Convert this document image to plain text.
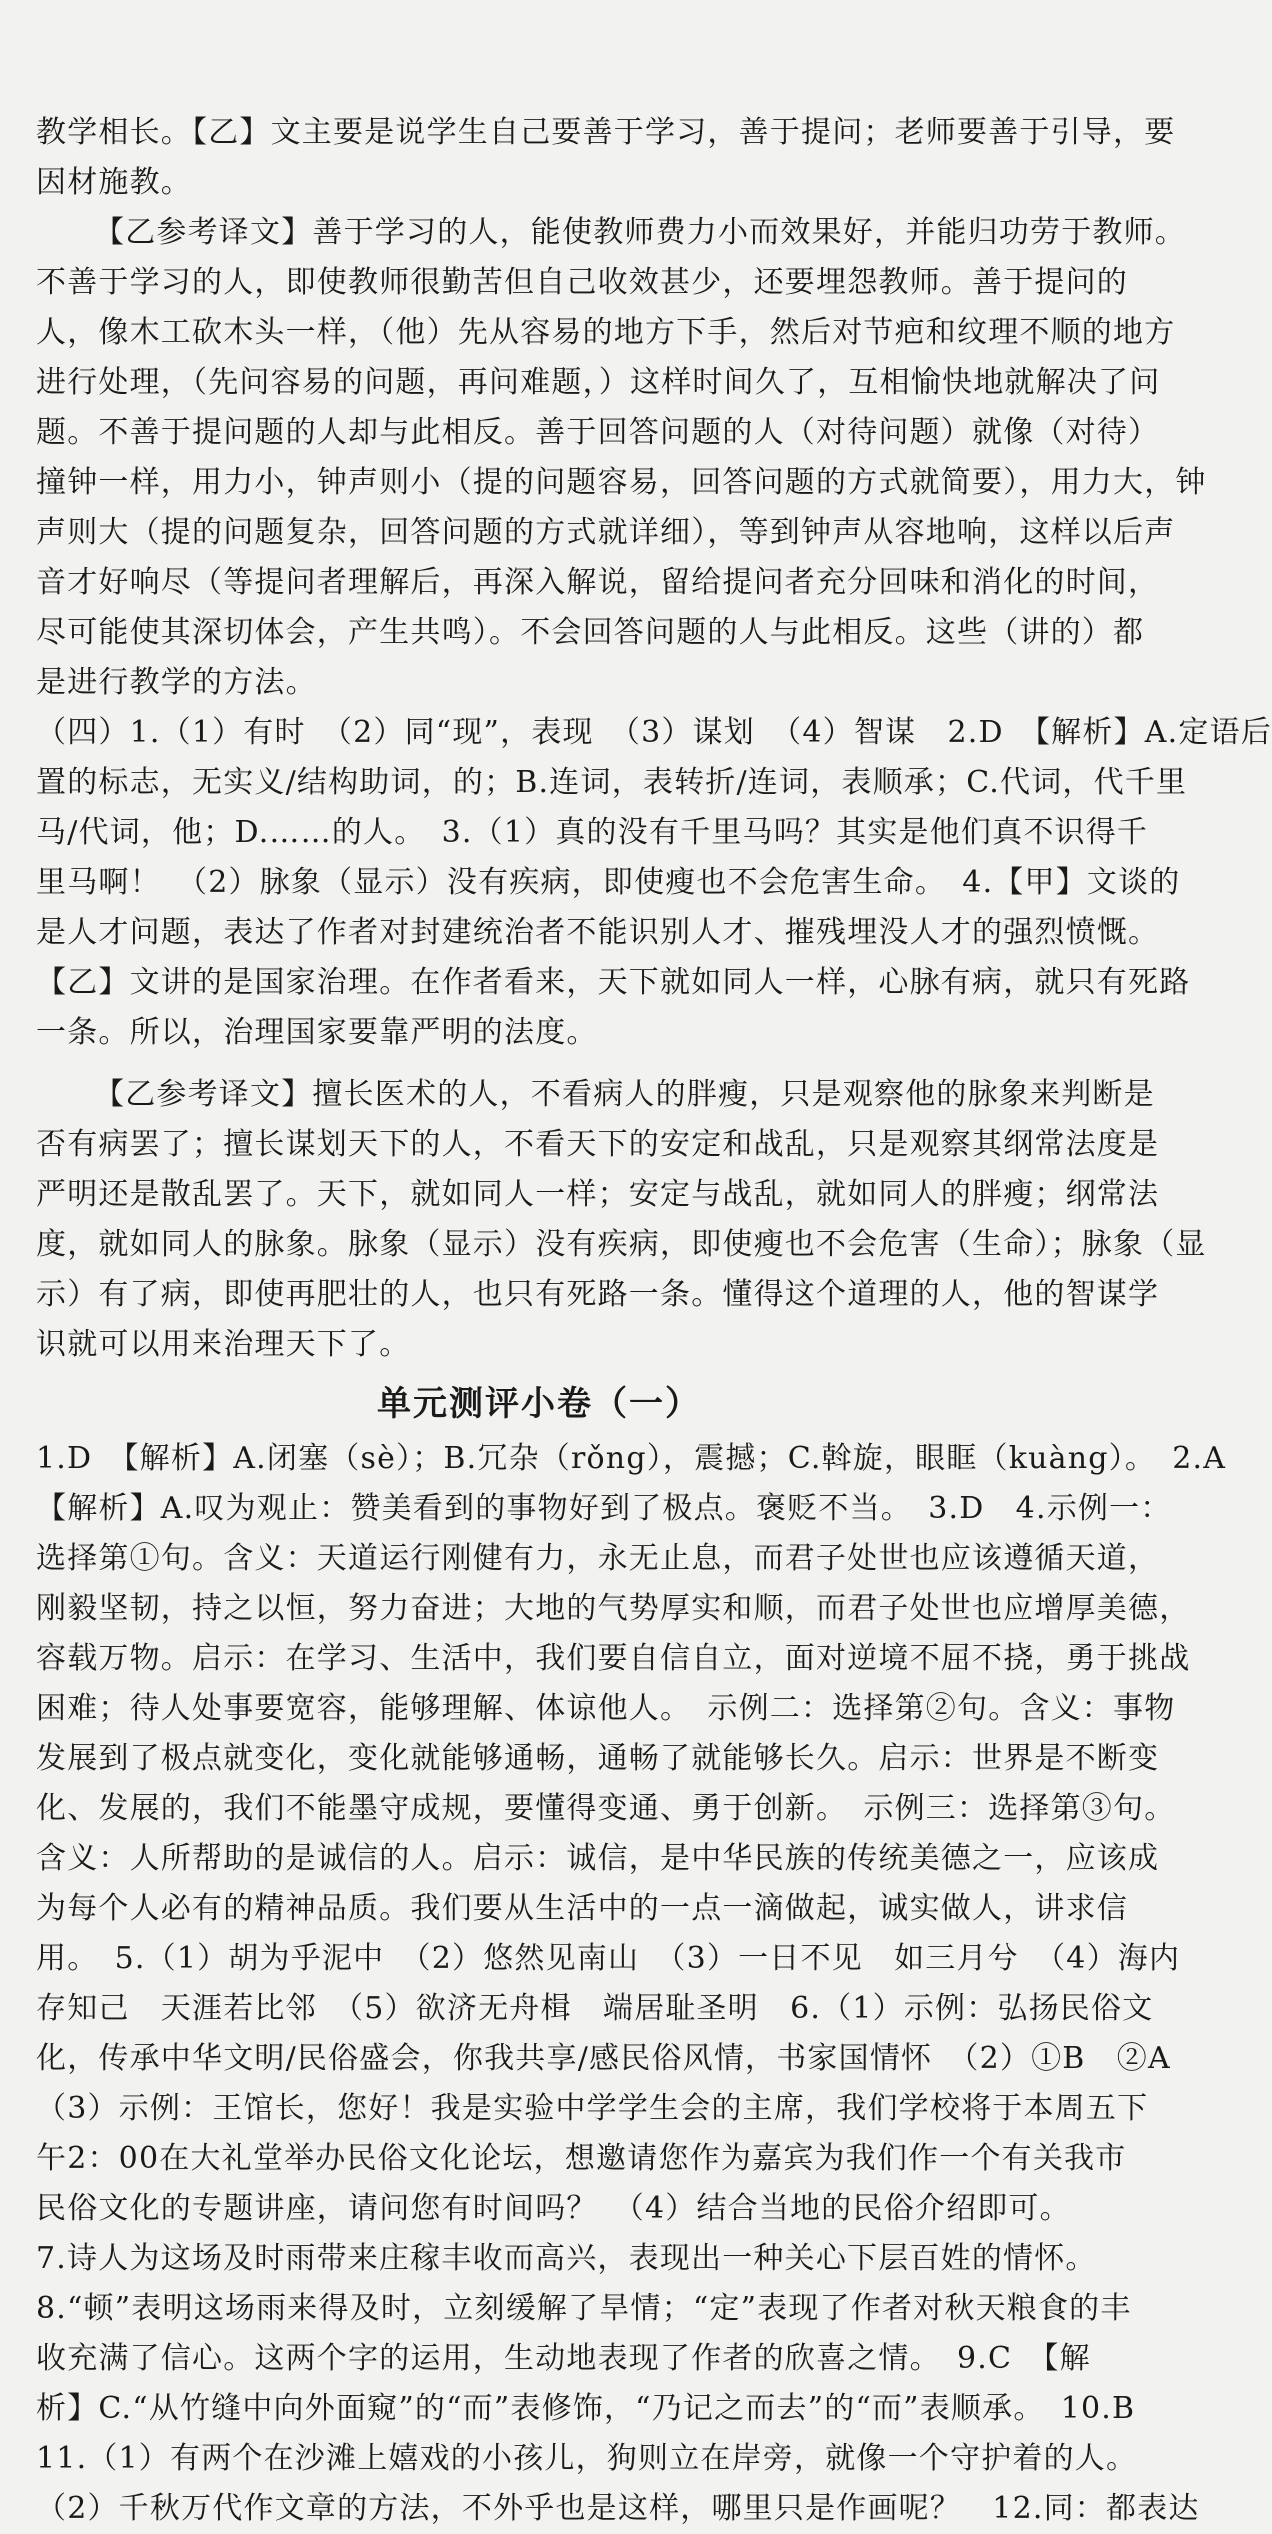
教学相长。【乙】文主要是说学生自己要善于学习，善于提问；老师要善于引导，要
因材施教。
【乙参考译文】善于学习的人，能使教师费力小而效果好，并能归功劳于教师。
不善于学习的人，即使教师很勤苦但自己收效甚少，还要埋怨教师。善于提问的
人，像木工砍木头一样，（他）先从容易的地方下手，然后对节疤和纹理不顺的地方
进行处理，（先问容易的问题，再问难题，）这样时间久了，互相愉快地就解决了问
题。不善于提问题的人却与此相反。善于回答问题的人（对待问题）就像（对待）
撞钟一样，用力小，钟声则小（提的问题容易，回答问题的方式就简要），用力大，钟
声则大（提的问题复杂，回答问题的方式就详细），等到钟声从容地响，这样以后声
音才好响尽（等提问者理解后，再深入解说，留给提问者充分回味和消化的时间，
尽可能使其深切体会，产生共鸣）。不会回答问题的人与此相反。这些（讲的）都
是进行教学的方法。
（四）1.（1）有时　（2）同“现”，表现　（3）谋划　（4）智谋　2.D　【解析】A.定语后
置的标志，无实义/结构助词，的；B.连词，表转折/连词，表顺承；C.代词，代千里
马/代词，他；D.……的人。　3.（1）真的没有千里马吗？其实是他们真不识得千
里马啊！　（2）脉象（显示）没有疾病，即使瘦也不会危害生命。　4.【甲】文谈的
是人才问题，表达了作者对封建统治者不能识别人才、摧残埋没人才的强烈愤慨。
【乙】文讲的是国家治理。在作者看来，天下就如同人一样，心脉有病，就只有死路
一条。所以，治理国家要靠严明的法度。
【乙参考译文】擅长医术的人，不看病人的胖瘦，只是观察他的脉象来判断是
否有病罢了；擅长谋划天下的人，不看天下的安定和战乱，只是观察其纲常法度是
严明还是散乱罢了。天下，就如同人一样；安定与战乱，就如同人的胖瘦；纲常法
度，就如同人的脉象。脉象（显示）没有疾病，即使瘦也不会危害（生命）；脉象（显
示）有了病，即使再肥壮的人，也只有死路一条。懂得这个道理的人，他的智谋学
识就可以用来治理天下了。
单元测评小卷（一）
1.D　【解析】A.闭塞（sè）；B.冗杂（rǒng），震撼；C.斡旋，眼眶（kuàng）。　2.A
【解析】A.叹为观止：赞美看到的事物好到了极点。褒贬不当。　3.D　4.示例一：
选择第①句。含义：天道运行刚健有力，永无止息，而君子处世也应该遵循天道，
刚毅坚韧，持之以恒，努力奋进；大地的气势厚实和顺，而君子处世也应增厚美德，
容载万物。启示：在学习、生活中，我们要自信自立，面对逆境不屈不挠，勇于挑战
困难；待人处事要宽容，能够理解、体谅他人。　示例二：选择第②句。含义：事物
发展到了极点就变化，变化就能够通畅，通畅了就能够长久。启示：世界是不断变
化、发展的，我们不能墨守成规，要懂得变通、勇于创新。　示例三：选择第③句。
含义：人所帮助的是诚信的人。启示：诚信，是中华民族的传统美德之一，应该成
为每个人必有的精神品质。我们要从生活中的一点一滴做起，诚实做人，讲求信
用。　5.（1）胡为乎泥中　（2）悠然见南山　（3）一日不见　如三月兮　（4）海内
存知己　天涯若比邻　（5）欲济无舟楫　端居耻圣明　6.（1）示例：弘扬民俗文
化，传承中华文明/民俗盛会，你我共享/感民俗风情，书家国情怀　（2）①B　②A
（3）示例：王馆长，您好！我是实验中学学生会的主席，我们学校将于本周五下
午2：00在大礼堂举办民俗文化论坛，想邀请您作为嘉宾为我们作一个有关我市
民俗文化的专题讲座，请问您有时间吗？　（4）结合当地的民俗介绍即可。
7.诗人为这场及时雨带来庄稼丰收而高兴，表现出一种关心下层百姓的情怀。
8.“顿”表明这场雨来得及时，立刻缓解了旱情；“定”表现了作者对秋天粮食的丰
收充满了信心。这两个字的运用，生动地表现了作者的欣喜之情。　9.C　【解
析】C.“从竹缝中向外面窥”的“而”表修饰，“乃记之而去”的“而”表顺承。　10.B
11.（1）有两个在沙滩上嬉戏的小孩儿，狗则立在岸旁，就像一个守护着的人。
（2）千秋万代作文章的方法，不外乎也是这样，哪里只是作画呢？　12.同：都表达
